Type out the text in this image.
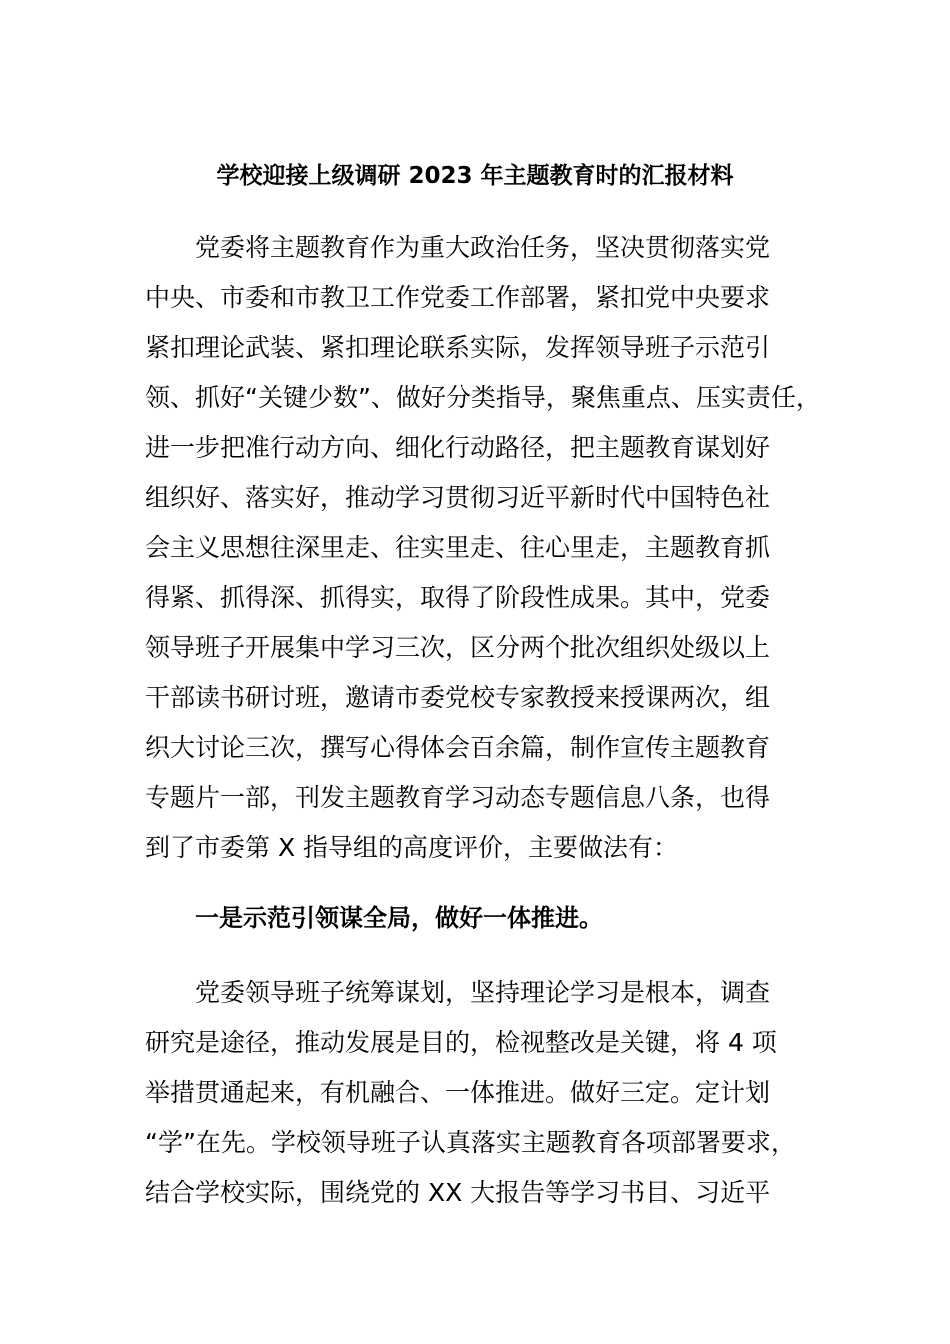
学校迎接上级调研 2023 年主题教育时的汇报材料
党委将主题教育作为重大政治任务，坚决贯彻落实党
中央、市委和市教卫工作党委工作部署，紧扣党中央要求
紧扣理论武装、紧扣理论联系实际，发挥领导班子示范引
领、抓好“关键少数”、做好分类指导，聚焦重点、压实责任，
进一步把准行动方向、细化行动路径，把主题教育谋划好
组织好、落实好，推动学习贯彻习近平新时代中国特色社
会主义思想往深里走、往实里走、往心里走，主题教育抓
得紧、抓得深、抓得实，取得了阶段性成果。其中，党委
领导班子开展集中学习三次，区分两个批次组织处级以上
干部读书研讨班，邀请市委党校专家教授来授课两次，组
织大讨论三次，撰写心得体会百余篇，制作宣传主题教育
专题片一部，刊发主题教育学习动态专题信息八条，也得
到了市委第 X 指导组的高度评价，主要做法有：
一是示范引领谋全局，做好一体推进。
党委领导班子统筹谋划，坚持理论学习是根本，调查
研究是途径，推动发展是目的，检视整改是关键，将 4 项
举措贯通起来，有机融合、一体推进。做好三定。定计划
“学”在先。学校领导班子认真落实主题教育各项部署要求，
结合学校实际，围绕党的 XX 大报告等学习书目、习近平
